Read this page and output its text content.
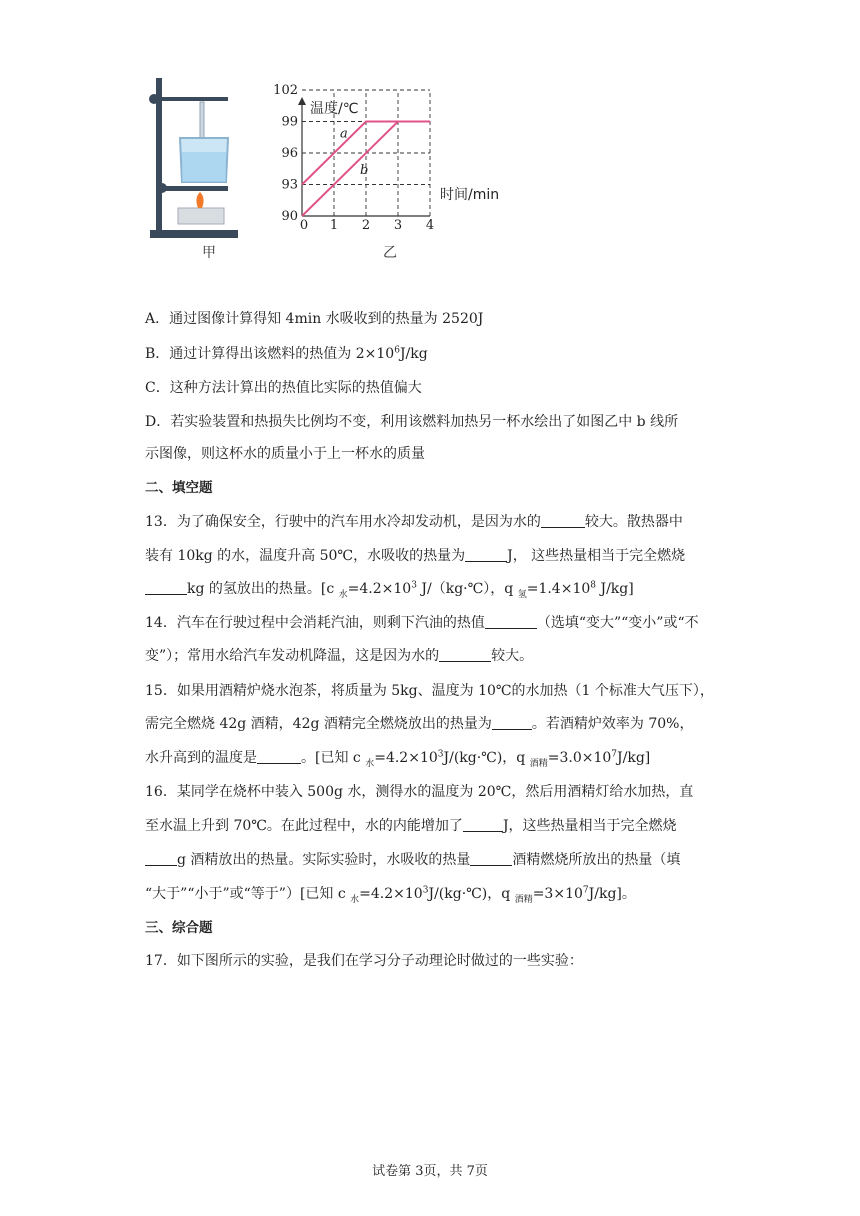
甲
90
93
96
99
102
0 1 2 3 4
温度/℃
时间/min
a
b
乙
A．通过图像计算得知 4min 水吸收到的热量为 2520J
B．通过计算得出该燃料的热值为 $2\times 10^6J/kg$
C．这种方法计算出的热值比实际的热值偏大
D．若实验装置和热损失比例均不变，利用该燃料加热另一杯水绘出了如图乙中 b 线所
示图像，则这杯水的质量小于上一杯水的质量
二、填空题
13．为了确保安全，行驶中的汽车用水冷却发动机，是因为水的	较大。散热器中
装有 10kg 的水，温度升高 50℃，水吸收的热量为	J， 这些热量相当于完全燃烧
kg 的氢放出的热量。[c $_水=4.2\times 10^3$ J/（kg·℃），q $_氢=1.4\times 10^8$ J/kg]
14．汽车在行驶过程中会消耗汽油，则剩下汽油的热值	（选填“变大”“变小”或“不
变”）；常用水给汽车发动机降温，这是因为水的	较大。
15．如果用酒精炉烧水泡茶，将质量为 5kg、温度为 10℃的水加热（1 个标准大气压下），
需完全燃烧 42g 酒精，42g 酒精完全燃烧放出的热量为	。若酒精炉效率为 70%，
水升高到的温度是	。[已知 c $_水=4.2\times 10^3J/(kg\cdot℃)$，q $_{酒精}=3.0\times 10^7J/kg$]
16．某同学在烧杯中装入 500g 水，测得水的温度为 20℃，然后用酒精灯给水加热，直
至水温上升到 70℃。在此过程中，水的内能增加了	J，这些热量相当于完全燃烧
g 酒精放出的热量。实际实验时，水吸收的热量	酒精燃烧所放出的热量（填
“大于”“小于”或“等于”）[已知 c $_水=4.2\times 10^3J/(kg\cdot℃)$，q $_{酒精}=3\times 10^7J/kg$]。
三、综合题
17．如下图所示的实验，是我们在学习分子动理论时做过的一些实验：
试卷第 3页，共 7页
